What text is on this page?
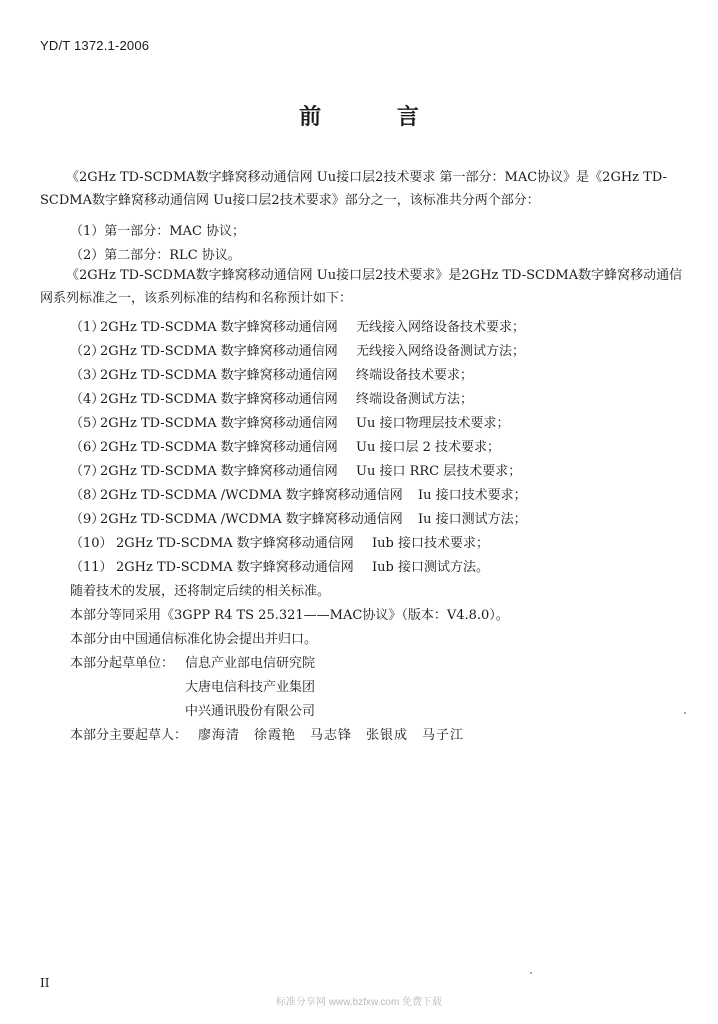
YD/T 1372.1-2006
前 言
《2GHz TD-SCDMA数字蜂窝移动通信网 Uu接口层2技术要求 第一部分：MAC协议》是《2GHz TD-SCDMA数字蜂窝移动通信网 Uu接口层2技术要求》部分之一，该标准共分两个部分：
（1）第一部分：MAC 协议；
（2）第二部分：RLC 协议。
《2GHz TD-SCDMA数字蜂窝移动通信网 Uu接口层2技术要求》是2GHz TD-SCDMA数字蜂窝移动通信网系列标准之一，该系列标准的结构和名称预计如下：
（1）2GHz TD-SCDMA 数字蜂窝移动通信网 无线接入网络设备技术要求；
（2）2GHz TD-SCDMA 数字蜂窝移动通信网 无线接入网络设备测试方法；
（3）2GHz TD-SCDMA 数字蜂窝移动通信网 终端设备技术要求；
（4）2GHz TD-SCDMA 数字蜂窝移动通信网 终端设备测试方法；
（5）2GHz TD-SCDMA 数字蜂窝移动通信网 Uu 接口物理层技术要求；
（6）2GHz TD-SCDMA 数字蜂窝移动通信网 Uu 接口层 2 技术要求；
（7）2GHz TD-SCDMA 数字蜂窝移动通信网 Uu 接口 RRC 层技术要求；
（8）2GHz TD-SCDMA /WCDMA 数字蜂窝移动通信网 Iu 接口技术要求；
（9）2GHz TD-SCDMA /WCDMA 数字蜂窝移动通信网 Iu 接口测试方法；
（10） 2GHz TD-SCDMA 数字蜂窝移动通信网 Iub 接口技术要求；
（11） 2GHz TD-SCDMA 数字蜂窝移动通信网 Iub 接口测试方法。
随着技术的发展，还将制定后续的相关标准。
本部分等同采用《3GPP R4 TS 25.321——MAC协议》（版本：V4.8.0）。
本部分由中国通信标准化协会提出并归口。
本部分起草单位： 信息产业部电信研究院
大唐电信科技产业集团
中兴通讯股份有限公司
本部分主要起草人： 廖海清　徐霞艳　马志锋　张银成　马子江
II
标准分享网 www.bzfxw.com 免费下载
